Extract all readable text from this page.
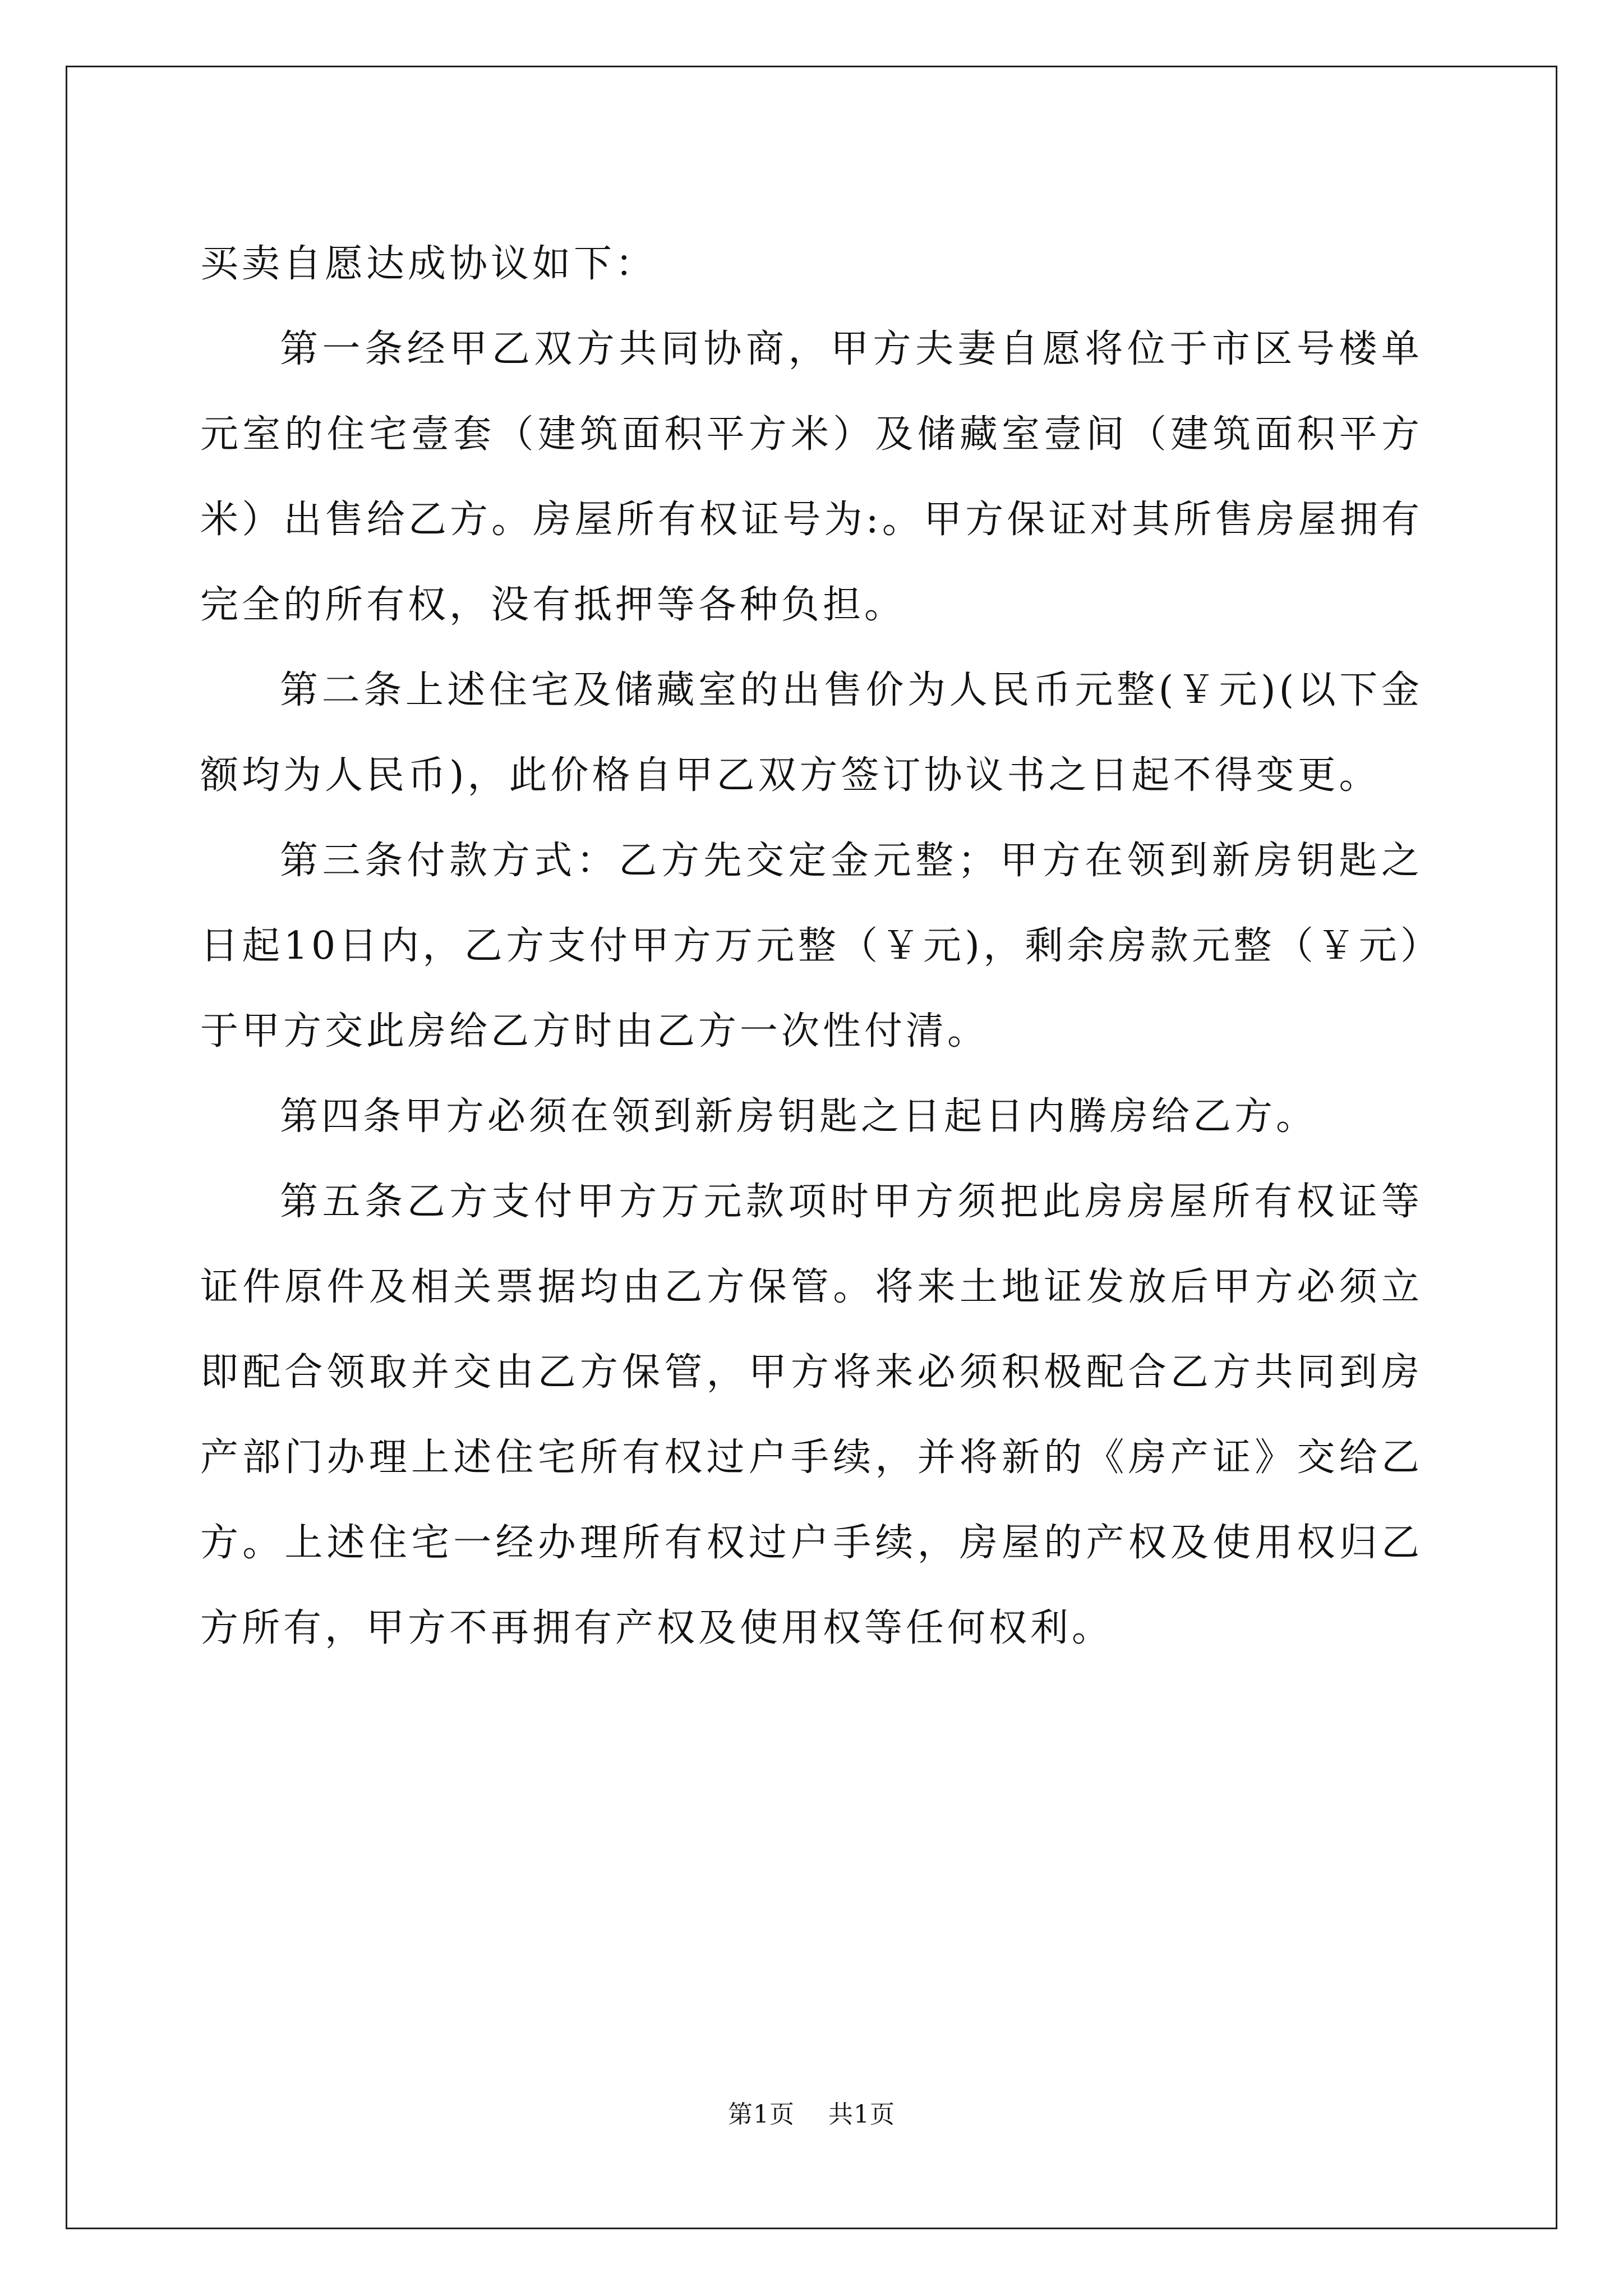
买卖自愿达成协议如下：

第一条经甲乙双方共同协商，甲方夫妻自愿将位于市区号楼单元室的住宅壹套（建筑面积平方米）及储藏室壹间（建筑面积平方米）出售给乙方。房屋所有权证号为:。甲方保证对其所售房屋拥有完全的所有权，没有抵押等各种负担。

第二条上述住宅及储藏室的出售价为人民币元整(￥元)(以下金额均为人民币)，此价格自甲乙双方签订协议书之日起不得变更。

第三条付款方式：乙方先交定金元整；甲方在领到新房钥匙之日起10日内，乙方支付甲方万元整（￥元)，剩余房款元整（￥元）于甲方交此房给乙方时由乙方一次性付清。

第四条甲方必须在领到新房钥匙之日起日内腾房给乙方。

第五条乙方支付甲方万元款项时甲方须把此房房屋所有权证等证件原件及相关票据均由乙方保管。将来土地证发放后甲方必须立即配合领取并交由乙方保管，甲方将来必须积极配合乙方共同到房产部门办理上述住宅所有权过户手续，并将新的《房产证》交给乙方。上述住宅一经办理所有权过户手续，房屋的产权及使用权归乙方所有，甲方不再拥有产权及使用权等任何权利。

第1页 共1页
